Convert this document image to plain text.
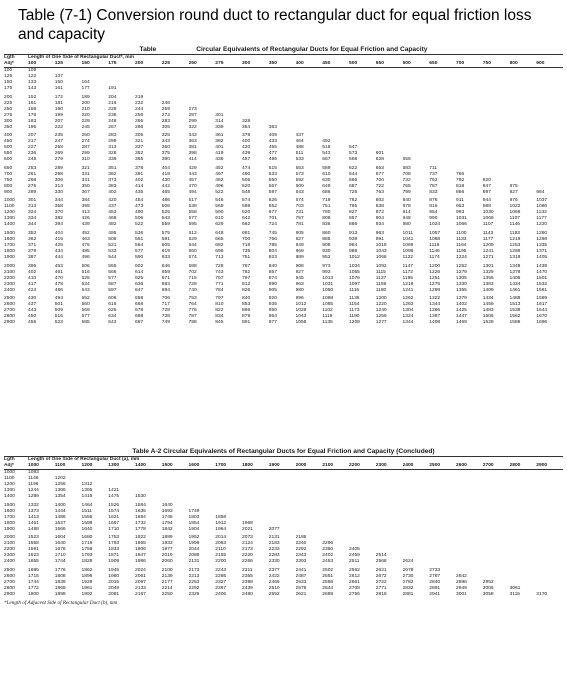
Table (7-1) Conversion round duct to rectangular duct for equal friction loss and capacity
Table	Circular Equivalents of Rectangular Ducts for Equal Friction and Capacity
Lgth	Length of One Side of Rectangular Duct*, mm																			
Adj*	100	125	150	175	200	225	250	275	300	350	400	450	500	550	600	650	700	750	800	900
100	109																			
125	122	137																		
150	133	150	164																	
175	143	161	177	191																

200	152	172	189	204	219															
225	161	181	200	216	232	246														
250	169	190	210	228	244	259	273													
275	176	199	220	238	256	272	287	301												
300	183	207	229	248	266	283	299	314	328											
350	195	222	245	267	286	305	322	339	354	383										

400	207	235	260	283	305	325	343	361	378	409	437									
450	217	247	274	299	321	343	363	382	400	433	464	492								
500	227	258	287	313	337	360	381	401	420	455	488	518	547							
550	236	269	299	326	352	375	398	419	439	477	511	543	573	601						
600	245	279	310	339	365	390	414	436	457	496	533	567	598	628	656					

650	253	289	321	351	378	404	429	452	474	515	553	589	622	653	683	711				
700	261	298	331	362	391	418	443	467	490	533	573	610	644	677	708	737	765			
750	268	306	341	373	402	430	457	482	506	550	592	630	666	700	732	763	792	820		
800	275	314	350	383	414	442	470	496	520	567	609	649	687	722	755	787	818	847	875	
900	289	330	367	402	435	465	494	522	548	597	643	686	726	763	799	833	866	897	927	984

1000	301	344	384	420	454	486	517	546	574	626	674	719	762	802	840	876	911	944	976	1037
1100	313	358	399	437	473	506	538	569	598	652	703	751	795	838	878	916	953	988	1022	1086
1200	324	370	413	453	490	525	558	590	620	677	731	780	827	872	914	954	993	1030	1066	1133
1300	334	382	426	468	506	543	577	610	642	701	757	808	857	904	948	990	1031	1069	1107	1177
1400	344	394	439	482	522	559	595	629	662	724	781	835	886	934	980	1024	1066	1107	1146	1220

1500	353	404	452	495	536	575	612	648	681	745	805	860	913	963	1011	1057	1100	1143	1183	1260
1600	362	415	463	508	551	591	629	665	700	766	827	885	939	991	1041	1088	1133	1177	1219	1298
1700	371	425	475	521	564	605	644	682	718	785	849	908	964	1018	1069	1118	1164	1209	1253	1335
1800	379	434	485	533	577	619	660	698	735	804	869	930	988	1043	1096	1146	1195	1241	1286	1371
1900	387	444	496	544	590	633	674	713	751	823	889	952	1012	1068	1122	1174	1224	1271	1318	1405

2000	395	453	506	555	602	646	688	728	767	840	908	973	1034	1092	1147	1200	1252	1301	1348	1438
2100	402	461	516	566	614	659	702	743	782	857	927	993	1055	1115	1172	1226	1279	1329	1378	1470
2200	410	470	525	577	625	671	715	757	797	874	945	1013	1076	1137	1195	1251	1305	1356	1406	1501
2300	417	478	534	587	636	683	728	771	812	890	963	1031	1097	1159	1218	1275	1330	1383	1434	1532
2400	424	486	543	597	647	694	740	784	826	905	980	1050	1116	1180	1241	1299	1355	1409	1461	1561

2500	430	494	552	606	658	706	753	797	840	920	996	1068	1136	1200	1262	1322	1379	1434	1488	1589
2600	437	501	560	616	668	717	764	810	853	935	1012	1085	1154	1220	1283	1344	1402	1459	1513	1617
2700	443	509	569	625	678	728	776	822	866	950	1028	1102	1173	1240	1304	1366	1425	1483	1538	1644
2800	450	516	577	634	688	738	787	834	879	964	1043	1119	1190	1259	1324	1387	1447	1506	1562	1670
2900	456	523	585	643	697	749	798	845	891	977	1058	1135	1208	1277	1344	1408	1469	1529	1586	1696
Table A-2 Circular Equivalents of Rectangular Ducts for Equal Friction and Capacity (Concluded)
Lgth	Length of One Side of Rectangular Duct (a), mm																			
Adj*	1000	1100	1200	1300	1400	1500	1600	1700	1800	1900	2000	2100	2200	2300	2400	2500	2600	2700	2800	2900
1000	1093																			
1100	1146	1202																		
1200	1196	1256	1312																	
1300	1244	1306	1365	1421																
1400	1289	1354	1416	1475	1530															

1500	1332	1400	1464	1526	1584	1640														
1600	1373	1444	1511	1574	1635	1693	1749													
1700	1413	1486	1555	1621	1684	1745	1803	1858												
1800	1451	1527	1598	1667	1732	1794	1854	1912	1968											
1900	1488	1566	1640	1710	1778	1842	1904	1964	2021	2077										

2000	1523	1604	1680	1753	1822	1889	1952	2014	2073	2131	2186									
2100	1558	1640	1719	1793	1865	1933	1999	2063	2124	2183	2240	2296								
2200	1591	1676	1756	1833	1906	1977	2044	2110	2173	2233	2292	2350	2405							
2300	1623	1710	1793	1871	1947	2019	2088	2155	2220	2283	2343	2402	2459	2514						
2400	1655	1744	1828	1909	1986	2060	2131	2200	2266	2330	2393	2453	2511	2568	2624					

2500	1685	1776	1862	1945	2024	2100	2173	2243	2311	2377	2441	2502	2562	2621	2678	2733				
2600	1715	1808	1896	1980	2061	2139	2213	2285	2355	2422	2487	2551	2612	2672	2730	2787	2842			
2700	1744	1839	1929	2015	2097	2177	2253	2327	2398	2466	2533	2598	2661	2722	2782	2840	2896	2952		
2800	1772	1869	1961	2048	2133	2214	2292	2367	2439	2510	2578	2644	2708	2771	2832	2891	2949	3006	3061	
2900	1800	1898	1992	2081	2167	2250	2329	2406	2480	2552	2621	2689	2755	2819	2881	2941	3001	3058	3115	3170
*Length of Adjacent Side of Rectangular Duct (b), mm
